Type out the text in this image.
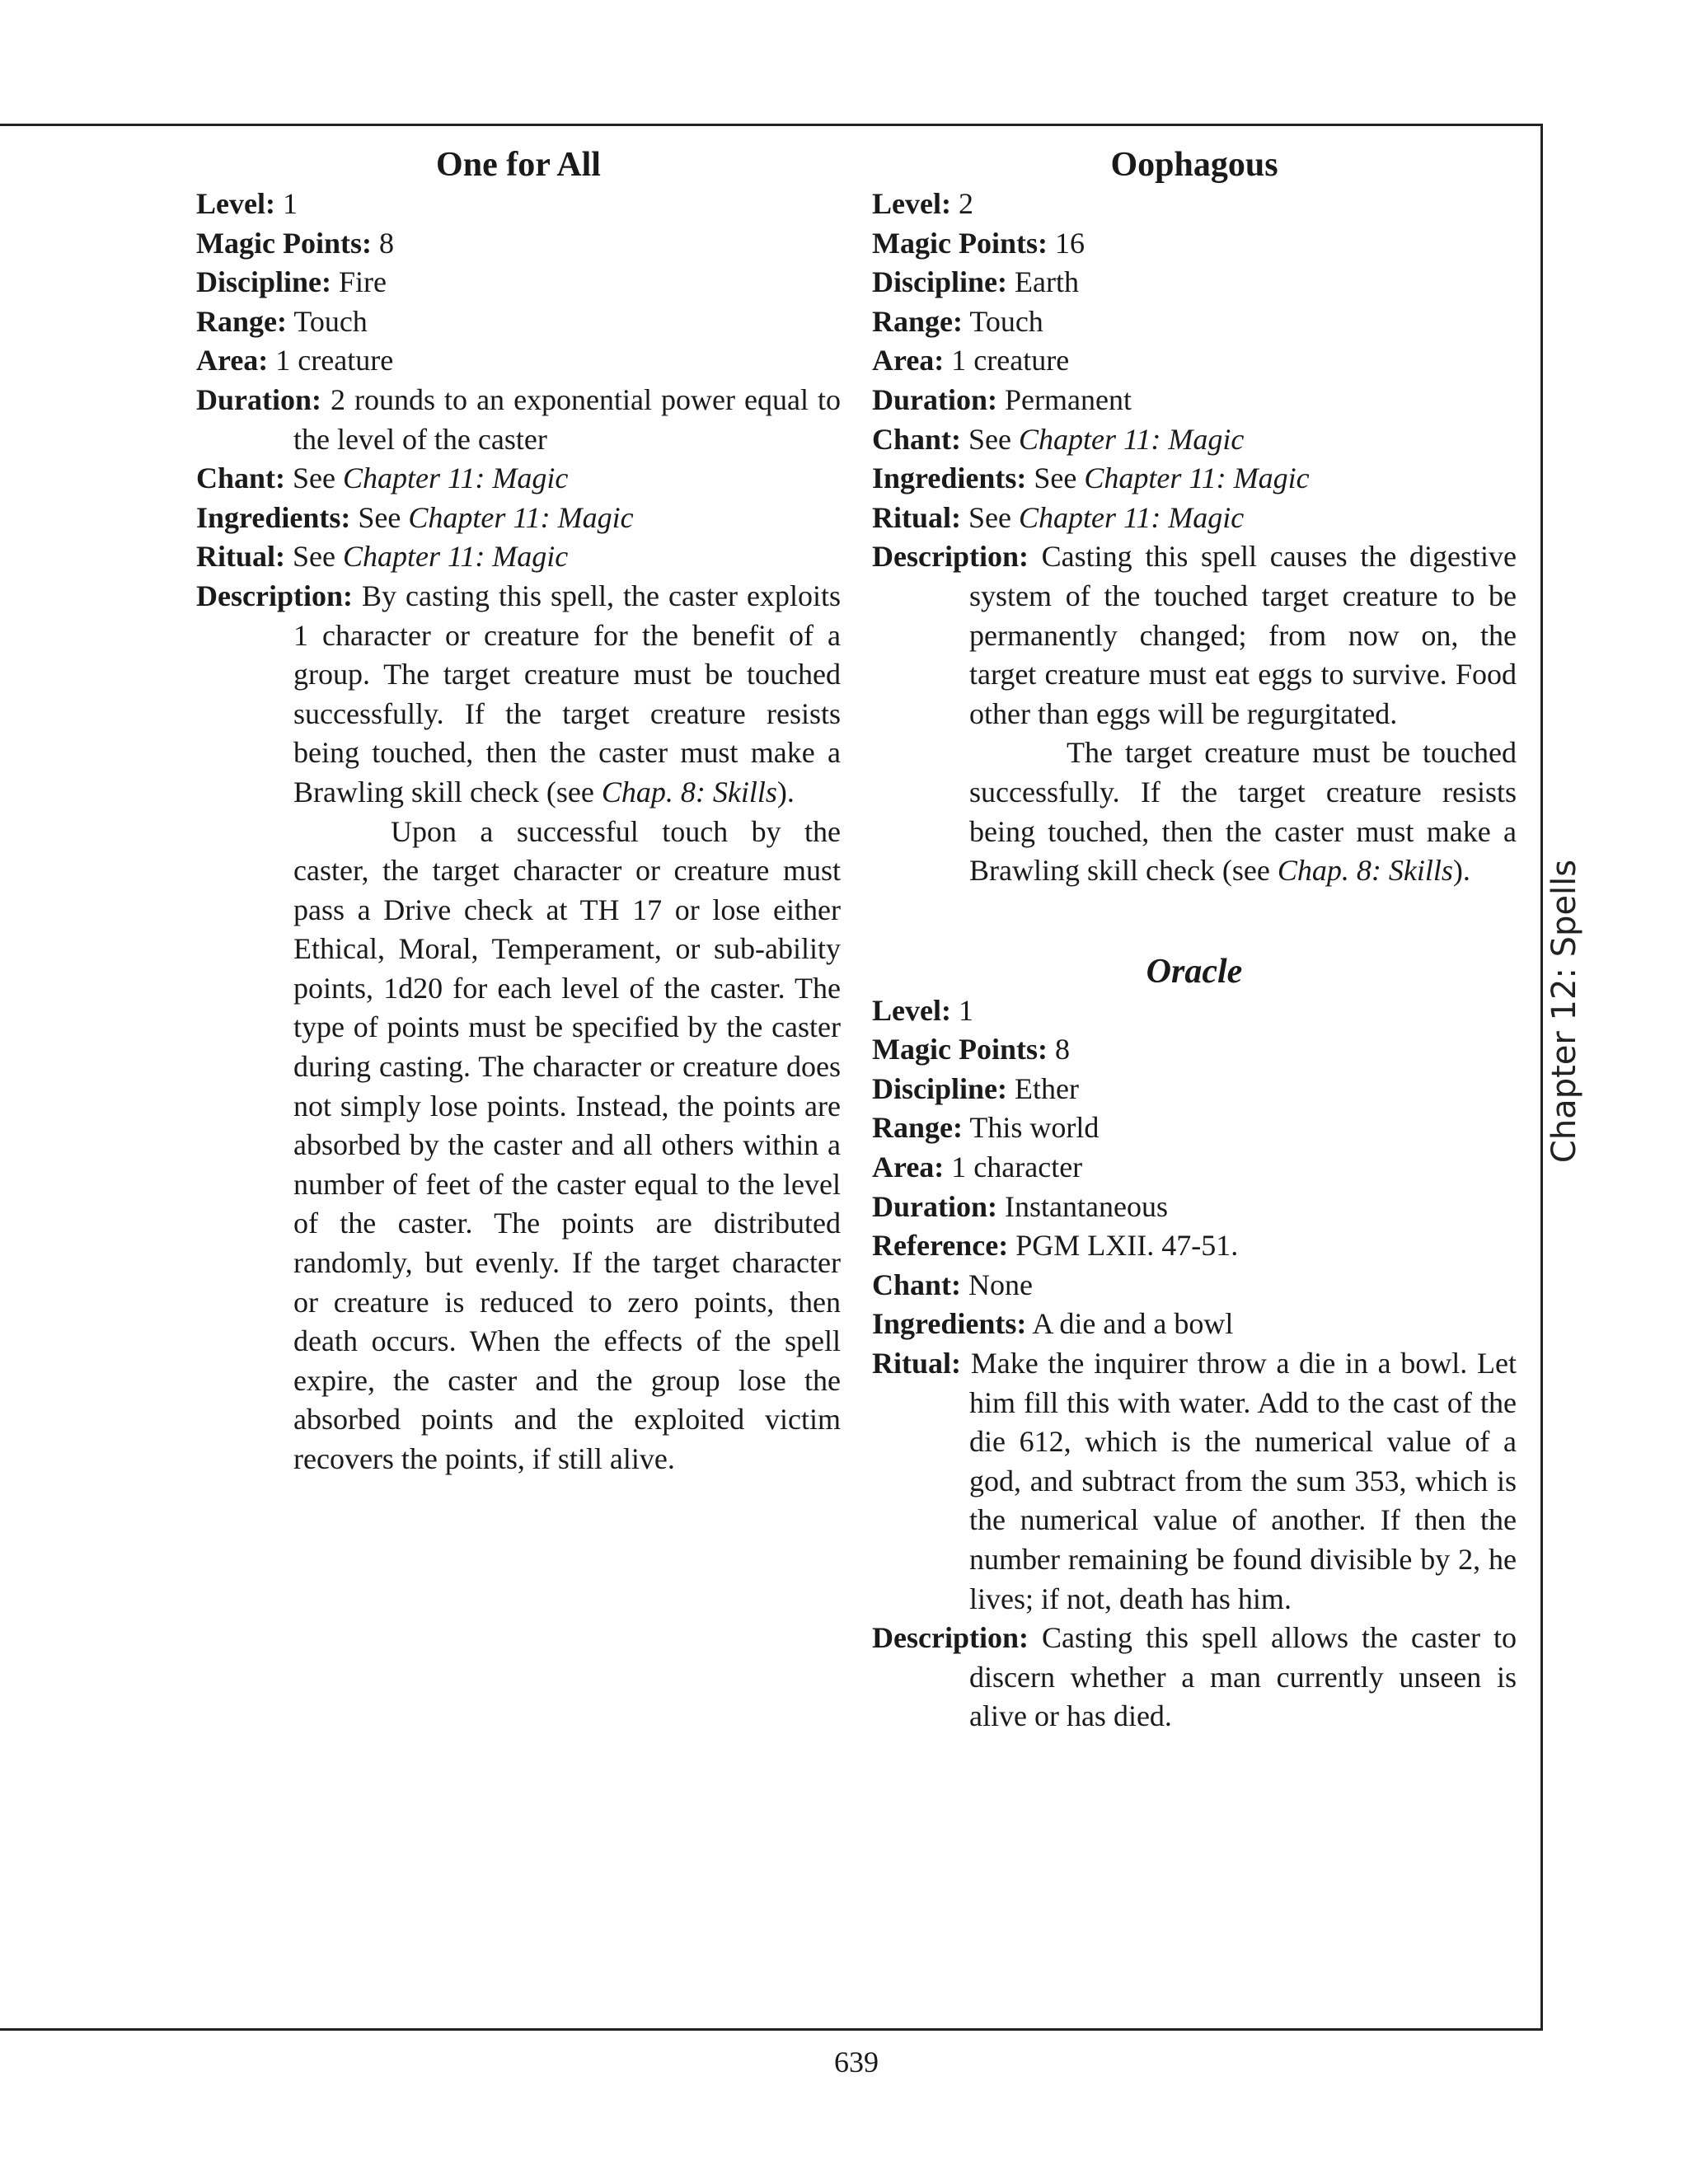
One for All

Level: 1

Magic Points: 8

Discipline: Fire

Range: Touch

Area: 1 creature

Duration: 2 rounds to an exponential power equal to the level of the caster

Chant: See Chapter 11: Magic

Ingredients: See Chapter 11: Magic

Ritual: See Chapter 11: Magic

Description: By casting this spell, the caster exploits 1 character or creature for the benefit of a group. The target creature must be touched successfully. If the target creature resists being touched, then the caster must make a Brawling skill check (see Chap. 8: Skills).

Upon a successful touch by the caster, the target character or creature must pass a Drive check at TH 17 or lose either Ethical, Moral, Temperament, or sub-ability points, 1d20 for each level of the caster. The type of points must be specified by the caster during casting. The character or creature does not simply lose points. Instead, the points are absorbed by the caster and all others within a number of feet of the caster equal to the level of the caster. The points are distributed randomly, but evenly. If the target character or creature is reduced to zero points, then death occurs. When the effects of the spell expire, the caster and the group lose the absorbed points and the exploited victim recovers the points, if still alive.

Oophagous

Level: 2

Magic Points: 16

Discipline: Earth

Range: Touch

Area: 1 creature

Duration: Permanent

Chant: See Chapter 11: Magic

Ingredients: See Chapter 11: Magic

Ritual: See Chapter 11: Magic

Description: Casting this spell causes the digestive system of the touched target creature to be permanently changed; from now on, the target creature must eat eggs to survive. Food other than eggs will be regurgitated.

The target creature must be touched successfully. If the target creature resists being touched, then the caster must make a Brawling skill check (see Chap. 8: Skills).

Oracle

Level: 1

Magic Points: 8

Discipline: Ether

Range: This world

Area: 1 character

Duration: Instantaneous

Reference: PGM LXII. 47-51.

Chant: None

Ingredients: A die and a bowl

Ritual: Make the inquirer throw a die in a bowl. Let him fill this with water. Add to the cast of the die 612, which is the numerical value of a god, and subtract from the sum 353, which is the numerical value of another. If then the number remaining be found divisible by 2, he lives; if not, death has him.

Description: Casting this spell allows the caster to discern whether a man currently unseen is alive or has died.

Chapter 12: Spells
639
